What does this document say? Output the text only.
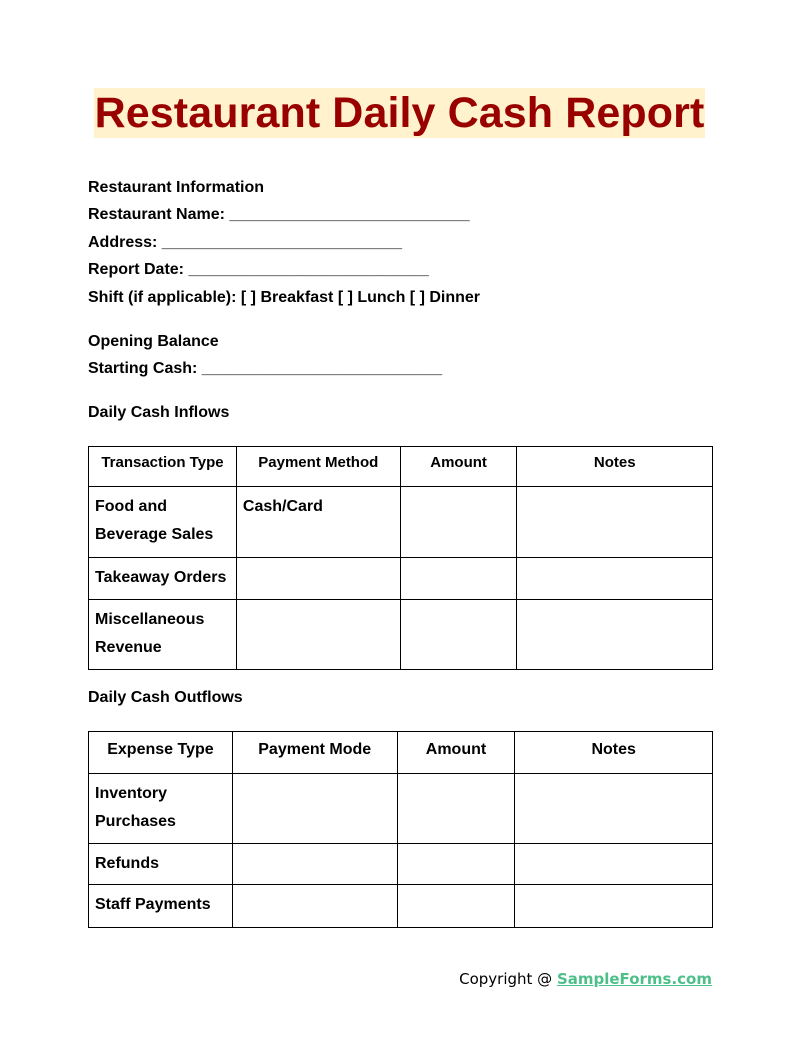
Restaurant Daily Cash Report
Restaurant Information
Restaurant Name: ___________________________
Address: ___________________________
Report Date: ___________________________
Shift (if applicable): [ ] Breakfast [ ] Lunch [ ] Dinner
Opening Balance
Starting Cash: ___________________________
Daily Cash Inflows
Transaction Type	Payment Method	Amount	Notes
Food and Beverage Sales	Cash/Card		
Takeaway Orders			
Miscellaneous Revenue			
Daily Cash Outflows
Expense Type	Payment Mode	Amount	Notes
Inventory Purchases			
Refunds			
Staff Payments			
Copyright @ SampleForms.com
